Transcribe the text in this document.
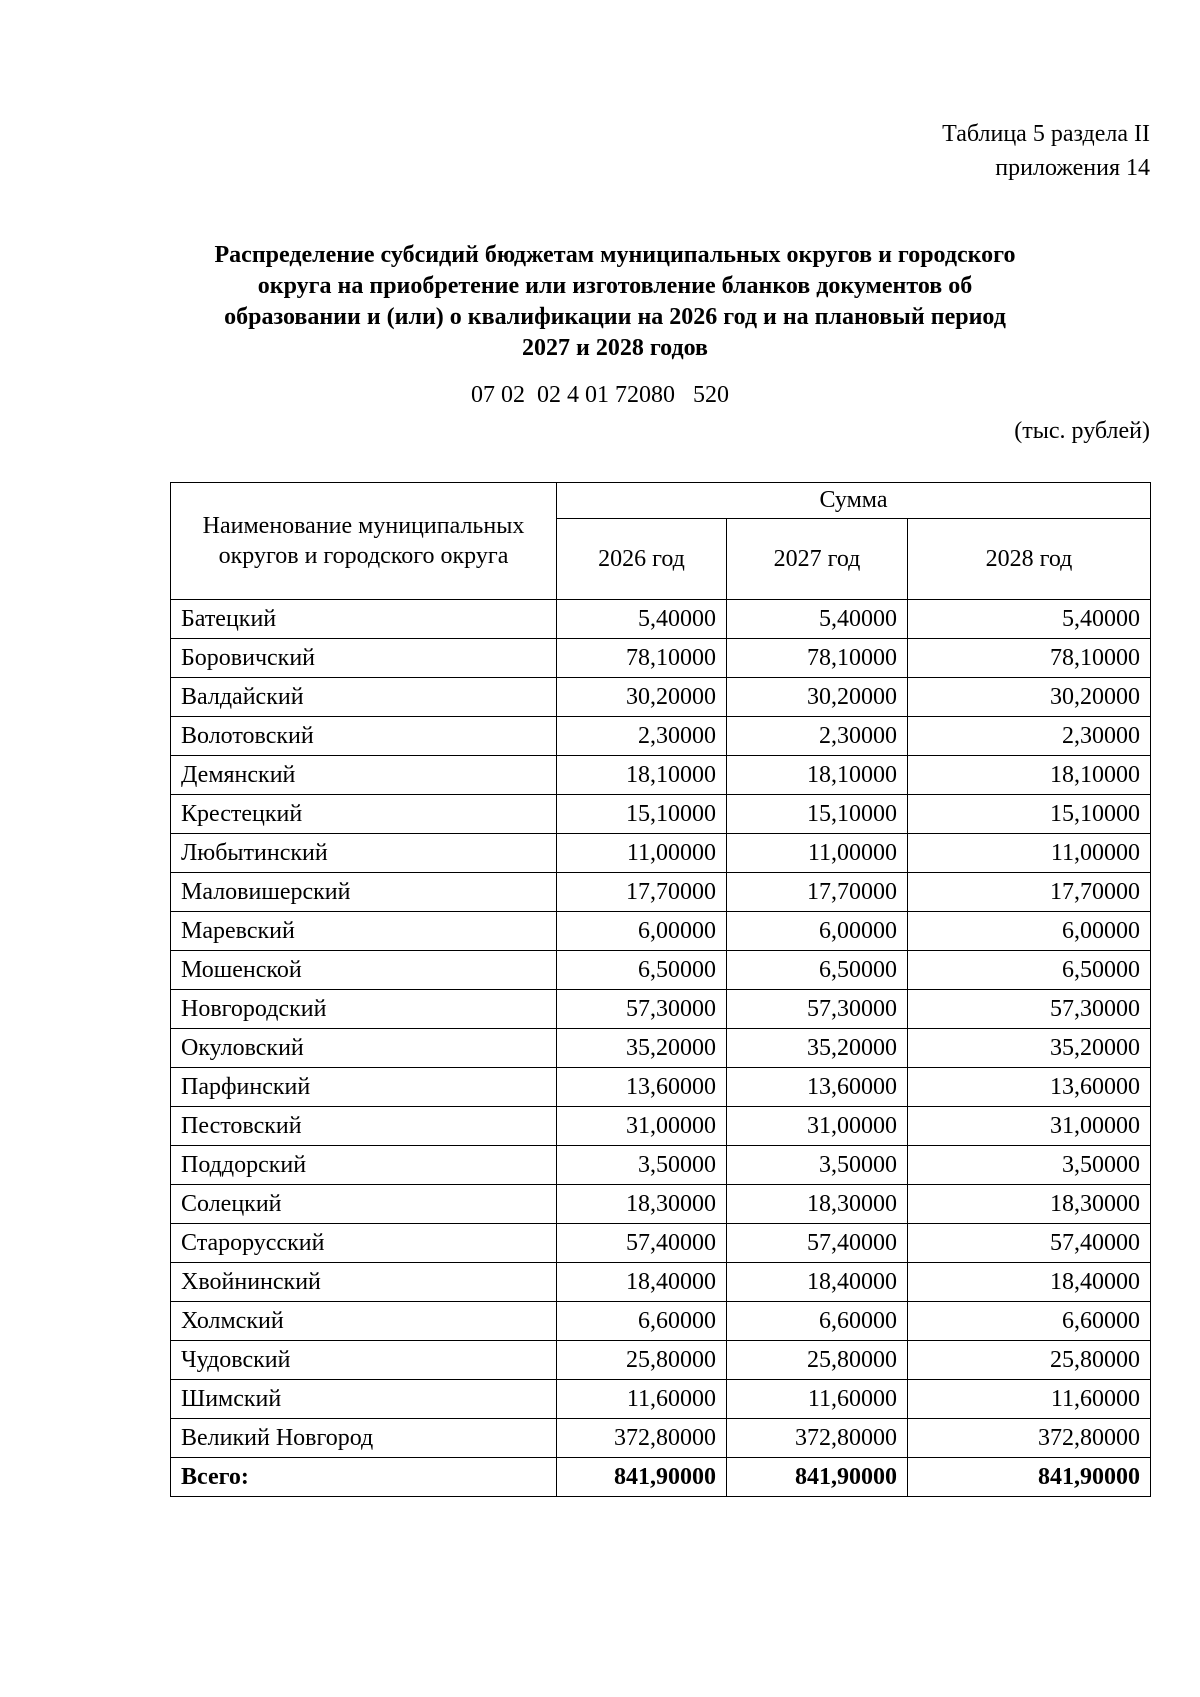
Таблица 5 раздела II
приложения 14
Распределение субсидий бюджетам муниципальных округов и городского
округа на приобретение или изготовление бланков документов об
образовании и (или) о квалификации на 2026 год и на плановый период
2027 и 2028 годов
07 02  02 4 01 72080   520
(тыс. рублей)
Наименование муниципальных округов и городского округа	Сумма		
	2026 год	2027 год	2028 год
Батецкий	5,40000	5,40000	5,40000
Боровичский	78,10000	78,10000	78,10000
Валдайский	30,20000	30,20000	30,20000
Волотовский	2,30000	2,30000	2,30000
Демянский	18,10000	18,10000	18,10000
Крестецкий	15,10000	15,10000	15,10000
Любытинский	11,00000	11,00000	11,00000
Маловишерский	17,70000	17,70000	17,70000
Маревский	6,00000	6,00000	6,00000
Мошенской	6,50000	6,50000	6,50000
Новгородский	57,30000	57,30000	57,30000
Окуловский	35,20000	35,20000	35,20000
Парфинский	13,60000	13,60000	13,60000
Пестовский	31,00000	31,00000	31,00000
Поддорский	3,50000	3,50000	3,50000
Солецкий	18,30000	18,30000	18,30000
Старорусский	57,40000	57,40000	57,40000
Хвойнинский	18,40000	18,40000	18,40000
Холмский	6,60000	6,60000	6,60000
Чудовский	25,80000	25,80000	25,80000
Шимский	11,60000	11,60000	11,60000
Великий Новгород	372,80000	372,80000	372,80000
Всего:	841,90000	841,90000	841,90000
